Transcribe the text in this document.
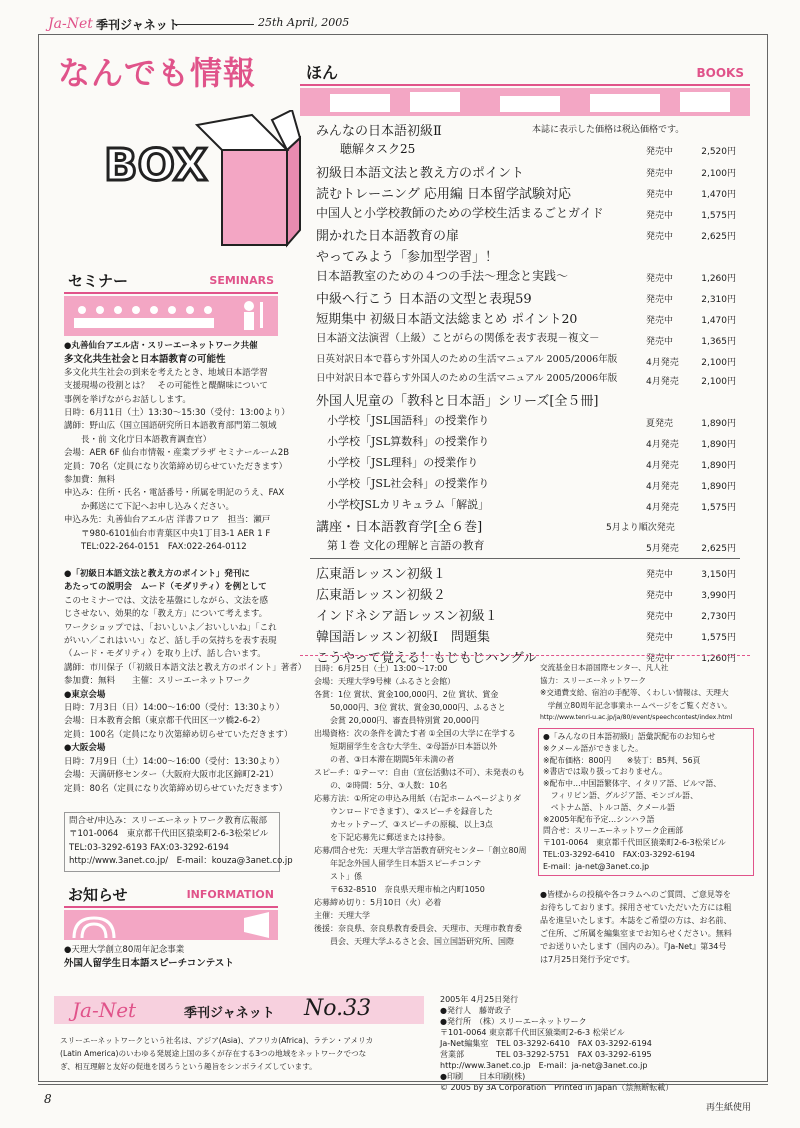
Ja-Net 季刊ジャネット	25th April, 2005
なんでも情報
BOX
セミナー	SEMINARS
●丸善仙台アエル店・スリーエーネットワーク共催
多文化共生社会と日本語教育の可能性
多文化共生社会の到来を考えたとき、地域日本語学習
支援現場の役割とは？　その可能性と醍醐味について
事例を挙げながらお話しします。
日時：6月11日（土）13:30～15:30（受付：13:00より）
講師：野山広（国立国語研究所日本語教育部門第二領域
　　長・前 文化庁日本語教育調査官）
会場：AER 6F 仙台市情報・産業プラザ セミナールーム2B
定員：70名（定員になり次第締め切らせていただきます）
参加費：無料
申込み：住所・氏名・電話番号・所属を明記のうえ、FAX
　　か郵送にて下記へお申し込みください。
申込み先：丸善仙台アエル店 洋書フロア　担当：瀬戸
　　〒980-6101仙台市青葉区中央1丁目3-1 AER 1 F
　　TEL:022-264-0151　FAX:022-264-0112
●「初級日本語文法と教え方のポイント」発刊に
あたっての説明会　ムード（モダリティ）を例として
このセミナーでは、文法を基盤にしながら、文法を感
じさせない、効果的な「教え方」について考えます。
ワークショップでは、「おいしいよ／おいしいね」「これ
がいい／これはいい」など、話し手の気持ちを表す表現
（ムード・モダリティ）を取り上げ、話し合います。
講師：市川保子（「初級日本語文法と教え方のポイント」著者）
参加費：無料　　主催：スリーエーネットワーク
●東京会場
日時：7月3日（日）14:00～16:00（受付：13:30より）
会場：日本教育会館（東京都千代田区一ツ橋2-6-2）
定員：100名（定員になり次第締め切らせていただきます）
●大阪会場
日時：7月9日（土）14:00～16:00（受付：13:30より）
会場：天満研修センター（大阪府大阪市北区錦町2-21）
定員：80名（定員になり次第締め切らせていただきます）
問合せ/申込み：スリーエーネットワーク教育広報部
〒101-0064　東京都千代田区猿楽町2-6-3松栄ビル
TEL:03-3292-6193 FAX:03-3292-6194
http://www.3anet.co.jp/　E-mail：kouza@3anet.co.jp
お知らせ	INFORMATION
●天理大学創立80周年記念事業
外国人留学生日本語スピーチコンテスト
ほん	BOOKS
本誌に表示した価格は税込価格です。
みんなの日本語初級Ⅱ
　　聴解タスク25	発売中	2,520円
初級日本語文法と教え方のポイント	発売中	2,100円
読むトレーニング 応用編 日本留学試験対応	発売中	1,470円
中国人と小学校教師のための学校生活まるごとガイド	発売中	1,575円
開かれた日本語教育の扉	発売中	2,625円
やってみよう「参加型学習」！
日本語教室のための４つの手法～理念と実践～	発売中	1,260円
中級へ行こう 日本語の文型と表現59	発売中	2,310円
短期集中 初級日本語文法総まとめ ポイント20	発売中	1,470円
日本語文法演習（上級）ことがらの関係を表す表現－複文－	発売中	1,365円
日英対訳日本で暮らす外国人のための生活マニュアル 2005/2006年版	4月発売	2,100円
日中対訳日本で暮らす外国人のための生活マニュアル 2005/2006年版	4月発売	2,100円
外国人児童の「教科と日本語」シリーズ[全５冊]
　小学校「JSL国語科」の授業作り	夏発売	1,890円
　小学校「JSL算数科」の授業作り	4月発売	1,890円
　小学校「JSL理科」の授業作り	4月発売	1,890円
　小学校「JSL社会科」の授業作り	4月発売	1,890円
　小学校JSLカリキュラム「解説」	4月発売	1,575円
講座・日本語教育学[全６巻]	5月より順次発売
　第１巻 文化の理解と言語の教育	5月発売	2,625円
広東語レッスン初級１	発売中	3,150円
広東語レッスン初級２	発売中	3,990円
インドネシア語レッスン初級１	発売中	2,730円
韓国語レッスン初級Ⅰ　問題集	発売中	1,575円
こうやって覚える！もじもじハングル	発売中	1,260円
日時：6月25日（土）13:00～17:00
会場：天理大学9号棟（ふるさと会館）
各賞：1位 賞状、賞金100,000円、2位 賞状、賞金
　　50,000円、3位 賞状、賞金30,000円、ふるさと
　　会賞 20,000円、審査員特別賞 20,000円
出場資格：次の条件を満たす者 ①全国の大学に在学する
　　短期留学生を含む大学生、②母語が日本語以外
　　の者、③日本滞在期間5年未満の者
スピーチ：①テーマ：自由（宣伝活動は不可）、未発表のも
　　の、②時間：5分、③人数：10名
応募方法：①所定の申込み用紙（右記ホームページよりダ
　　ウンロードできます）、②スピーチを録音した
　　カセットテープ、③スピーチの原稿、以上3点
　　を下記応募先に郵送または持参。
応募/問合せ先：天理大学言語教育研究センター「創立80周
　　年記念外国人留学生日本語スピーチコンテ
　　スト」係
　　〒632-8510　奈良県天理市杣之内町1050
応募締め切り：5月10日（火）必着
主催：天理大学
後援：奈良県、奈良県教育委員会、天理市、天理市教育委
　　員会、天理大学ふるさと会、国立国語研究所、国際
交流基金日本語国際センター、凡人社
協力：スリーエーネットワーク
※交通費支給、宿泊の手配等、くわしい情報は、天理大
　学創立80周年記念事業ホームページをご覧ください。
http://www.tenri-u.ac.jp/ja/80/event/speechcontest/index.html
●「みんなの日本語初級Ⅰ」語彙訳配布のお知らせ
※クメール語ができました。
※配布価格：800円　　※装丁：B5判、56頁
※書店では取り扱っておりません。
※配布中…中国語繁体字、イタリア語、ビルマ語、
　フィリピン語、グルジア語、モンゴル語、
　ベトナム語、トルコ語、クメール語
※2005年配布予定…シンハラ語
問合せ：スリーエーネットワーク企画部
〒101-0064　東京都千代田区猿楽町2-6-3松栄ビル
TEL:03-3292-6410　FAX:03-3292-6194
E-mail：ja-net@3anet.co.jp
●皆様からの投稿や各コラムへのご質問、ご意見等を
お待ちしております。採用させていただいた方には粗
品を進呈いたします。本誌をご希望の方は、お名前、
ご住所、ご所属を編集室までお知らせください。無料
でお送りいたします（国内のみ）。『Ja-Net』第34号
は7月25日発行予定です。
Ja-Net	季刊ジャネット No.33
スリーエーネットワークという社名は、アジア(Asia)、アフリカ(Africa)、ラテン・アメリカ
(Latin America)のいわゆる発展途上国の多くが存在する3つの地域をネットワークでつな
ぎ、相互理解と友好の促進を図ろうという趣旨をシンボライズしています。
2005年 4月25日発行
●発行人　藤嵜政子
●発行所　（株）スリーエーネットワーク
〒101-0064 東京都千代田区猿楽町2-6-3 松栄ビル
Ja-Net編集室　TEL 03-3292-6410　FAX 03-3292-6194
営業部　　　　TEL 03-3292-5751　FAX 03-3292-6195
http://www.3anet.co.jp　E-mail：ja-net@3anet.co.jp
●印刷　　日本印刷(株)
© 2005 by 3A Corporation　Printed in Japan（禁無断転載）
8
再生紙使用
